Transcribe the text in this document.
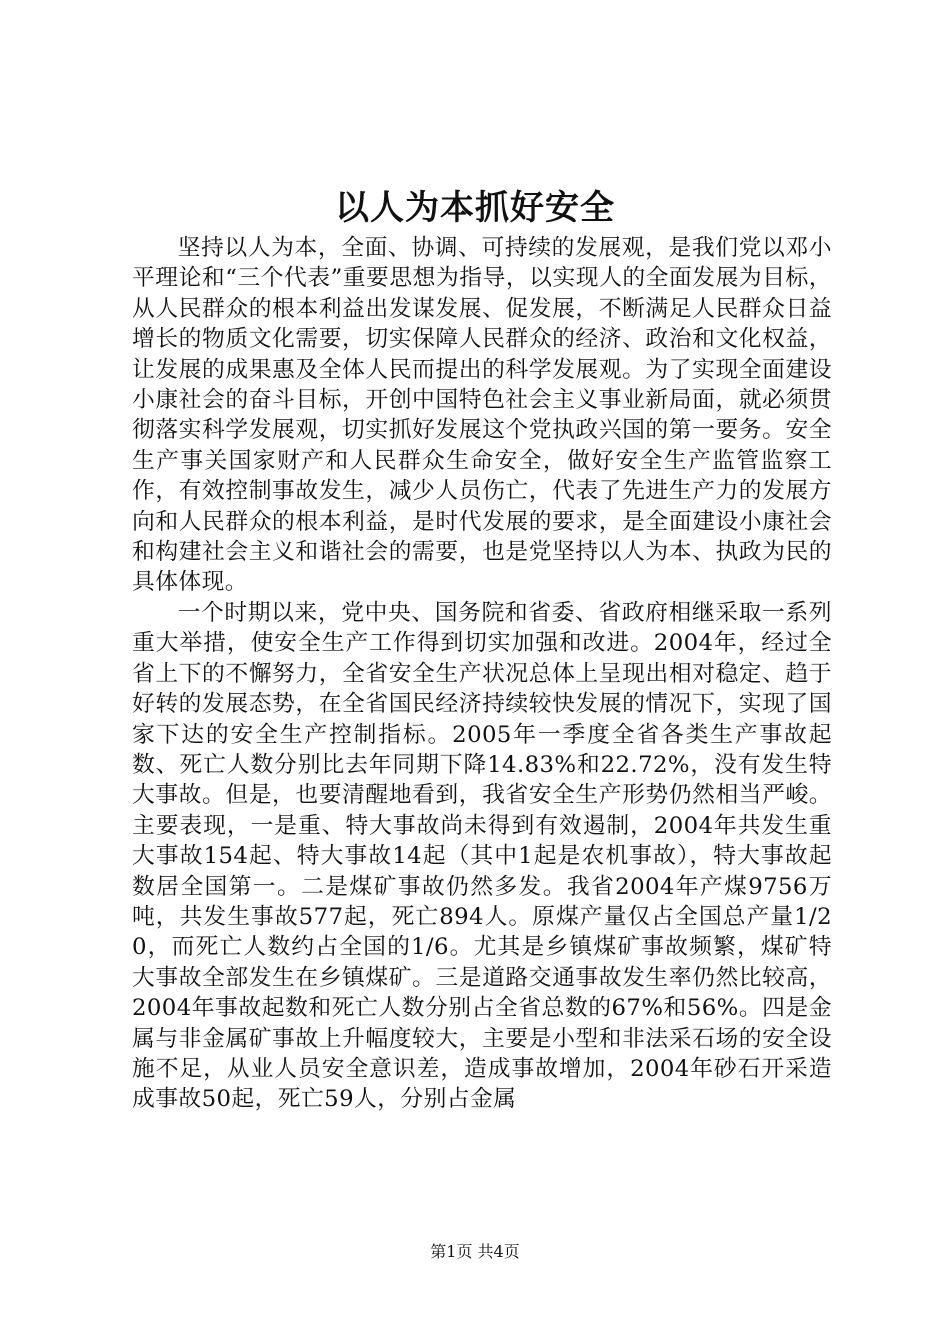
以人为本抓好安全

坚持以人为本，全面、协调、可持续的发展观，是我们党以邓小平理论和“三个代表”重要思想为指导，以实现人的全面发展为目标，从人民群众的根本利益出发谋发展、促发展，不断满足人民群众日益增长的物质文化需要，切实保障人民群众的经济、政治和文化权益，让发展的成果惠及全体人民而提出的科学发展观。为了实现全面建设小康社会的奋斗目标，开创中国特色社会主义事业新局面，就必须贯彻落实科学发展观，切实抓好发展这个党执政兴国的第一要务。安全生产事关国家财产和人民群众生命安全，做好安全生产监管监察工作，有效控制事故发生，减少人员伤亡，代表了先进生产力的发展方向和人民群众的根本利益，是时代发展的要求，是全面建设小康社会和构建社会主义和谐社会的需要，也是党坚持以人为本、执政为民的具体体现。

一个时期以来，党中央、国务院和省委、省政府相继采取一系列重大举措，使安全生产工作得到切实加强和改进。2004年，经过全省上下的不懈努力，全省安全生产状况总体上呈现出相对稳定、趋于好转的发展态势，在全省国民经济持续较快发展的情况下，实现了国家下达的安全生产控制指标。2005年一季度全省各类生产事故起数、死亡人数分别比去年同期下降14.83%和22.72%，没有发生特大事故。但是，也要清醒地看到，我省安全生产形势仍然相当严峻。主要表现，一是重、特大事故尚未得到有效遏制，2004年共发生重大事故154起、特大事故14起（其中1起是农机事故），特大事故起数居全国第一。二是煤矿事故仍然多发。我省2004年产煤9756万吨，共发生事故577起，死亡894人。原煤产量仅占全国总产量1/20，而死亡人数约占全国的1/6。尤其是乡镇煤矿事故频繁，煤矿特大事故全部发生在乡镇煤矿。三是道路交通事故发生率仍然比较高，2004年事故起数和死亡人数分别占全省总数的67%和56%。四是金属与非金属矿事故上升幅度较大，主要是小型和非法采石场的安全设施不足，从业人员安全意识差，造成事故增加，2004年砂石开采造成事故50起，死亡59人，分别占金属

第1页 共4页
